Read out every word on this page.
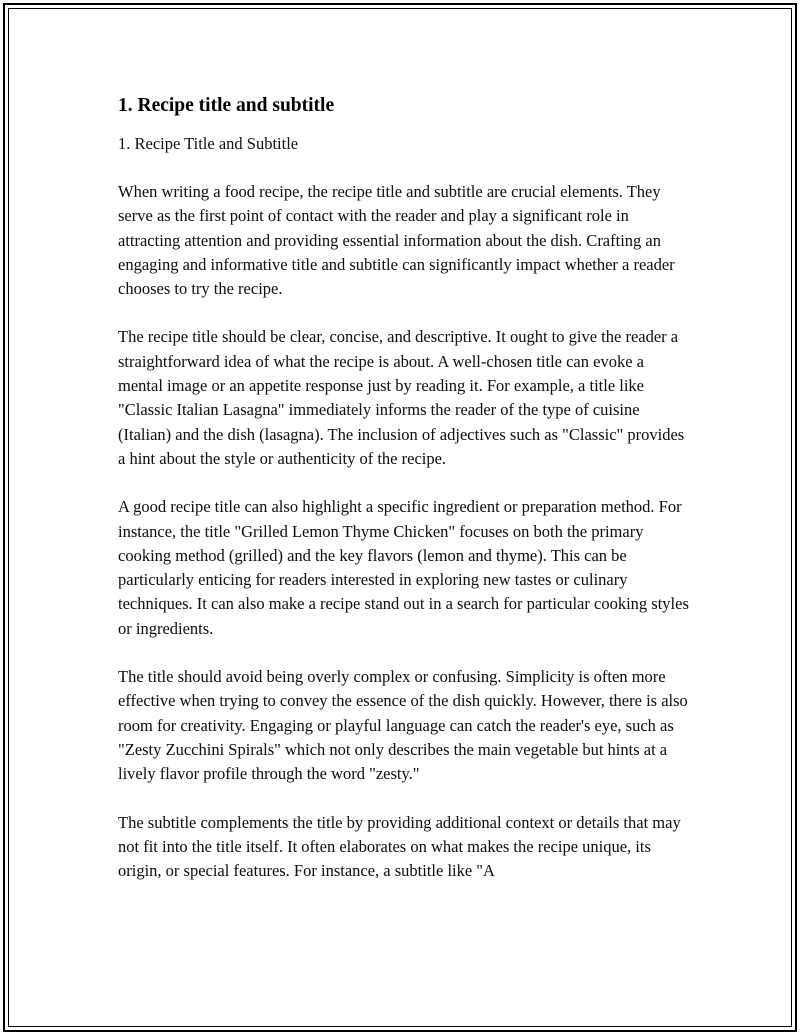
1. Recipe title and subtitle

1. Recipe Title and Subtitle

When writing a food recipe, the recipe title and subtitle are crucial elements. They serve as the first point of contact with the reader and play a significant role in attracting attention and providing essential information about the dish. Crafting an engaging and informative title and subtitle can significantly impact whether a reader chooses to try the recipe.

The recipe title should be clear, concise, and descriptive. It ought to give the reader a straightforward idea of what the recipe is about. A well-chosen title can evoke a mental image or an appetite response just by reading it. For example, a title like "Classic Italian Lasagna" immediately informs the reader of the type of cuisine (Italian) and the dish (lasagna). The inclusion of adjectives such as "Classic" provides a hint about the style or authenticity of the recipe.

A good recipe title can also highlight a specific ingredient or preparation method. For instance, the title "Grilled Lemon Thyme Chicken" focuses on both the primary cooking method (grilled) and the key flavors (lemon and thyme). This can be particularly enticing for readers interested in exploring new tastes or culinary techniques. It can also make a recipe stand out in a search for particular cooking styles or ingredients.

The title should avoid being overly complex or confusing. Simplicity is often more effective when trying to convey the essence of the dish quickly. However, there is also room for creativity. Engaging or playful language can catch the reader's eye, such as "Zesty Zucchini Spirals" which not only describes the main vegetable but hints at a lively flavor profile through the word "zesty."

The subtitle complements the title by providing additional context or details that may not fit into the title itself. It often elaborates on what makes the recipe unique, its origin, or special features. For instance, a subtitle like "A
